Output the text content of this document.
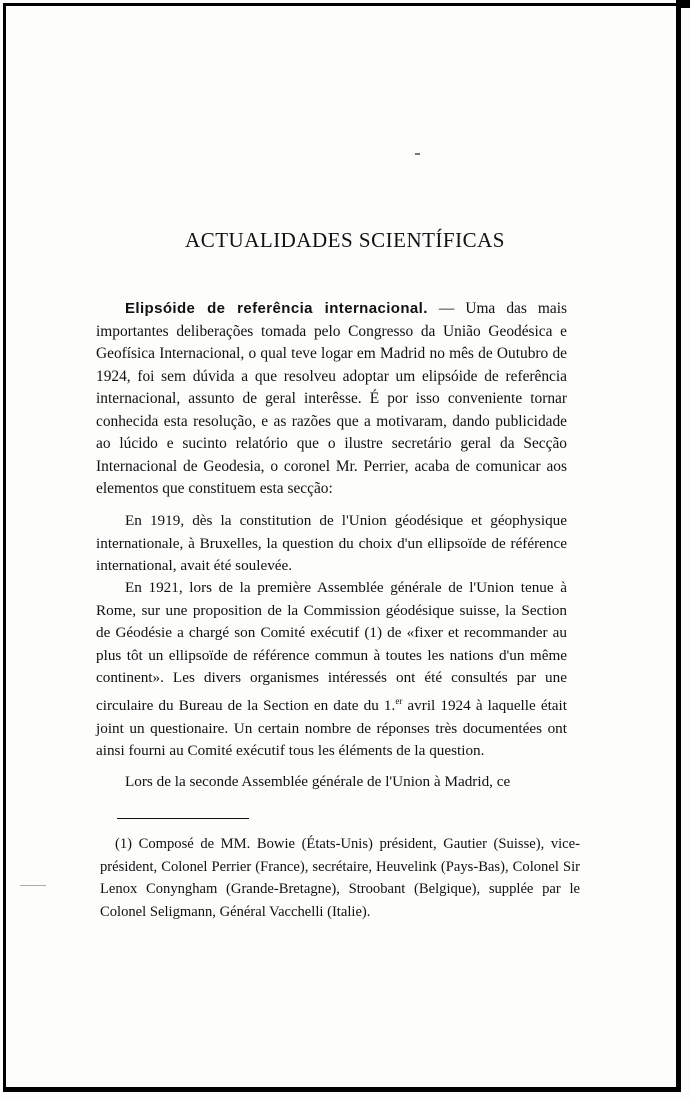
ACTUALIDADES SCIENTÍFICAS

Elipsóide de referência internacional. — Uma das mais importantes deliberações tomada pelo Congresso da União Geodésica e Geofísica Internacional, o qual teve logar em Madrid no mês de Outubro de 1924, foi sem dúvida a que resolveu adoptar um elipsóide de referência internacional, assunto de geral interêsse. É por isso conveniente tornar conhecida esta resolução, e as razões que a motivaram, dando publicidade ao lúcido e sucinto relatório que o ilustre secretário geral da Secção Internacional de Geodesia, o coronel Mr. Perrier, acaba de comunicar aos elementos que constituem esta secção:

En 1919, dès la constitution de l'Union géodésique et géophysique internationale, à Bruxelles, la question du choix d'un ellipsoïde de référence international, avait été soulevée.

En 1921, lors de la première Assemblée générale de l'Union tenue à Rome, sur une proposition de la Commission géodésique suisse, la Section de Géodésie a chargé son Comité exécutif (1) de «fixer et recommander au plus tôt un ellipsoïde de référence commun à toutes les nations d'un même continent». Les divers organismes intéressés ont été consultés par une circulaire du Bureau de la Section en date du 1.$^{er}$ avril 1924 à laquelle était joint un questionaire. Un certain nombre de réponses très documentées ont ainsi fourni au Comité exécutif tous les éléments de la question.

Lors de la seconde Assemblée générale de l'Union à Madrid, ce

(1) Composé de MM. Bowie (États-Unis) président, Gautier (Suisse), vice-président, Colonel Perrier (France), secrétaire, Heuvelink (Pays-Bas), Colonel Sir Lenox Conyngham (Grande-Bretagne), Stroobant (Belgique), supplée par le Colonel Seligmann, Général Vacchelli (Italie).
